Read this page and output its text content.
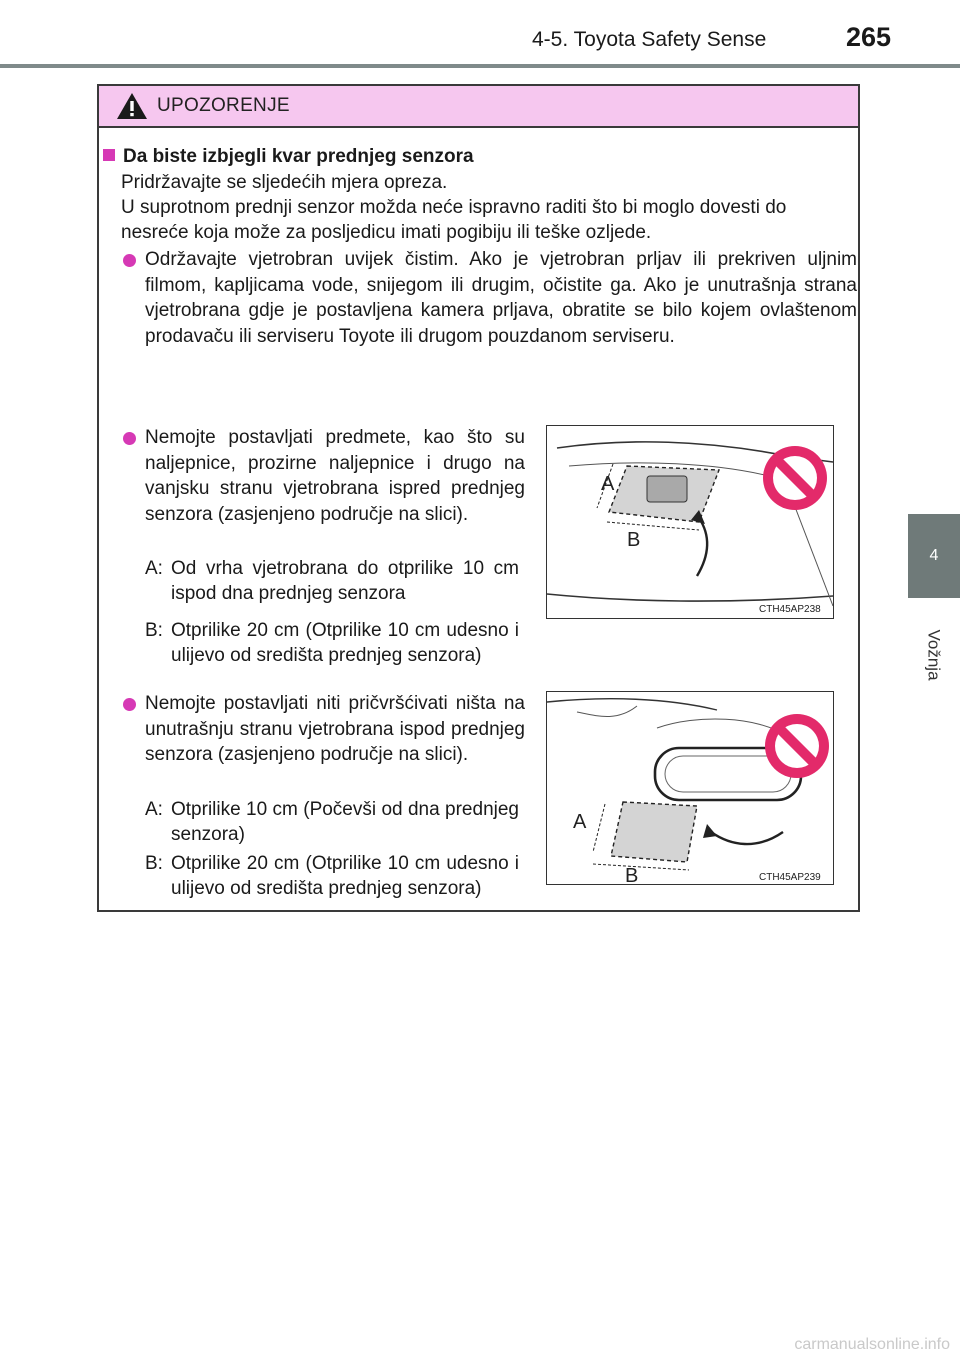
4-5. Toyota Safety Sense	265
4
Vožnja
UPOZORENJE
Da biste izbjegli kvar prednjeg senzora
Pridržavajte se sljedećih mjera opreza.
U suprotnom prednji senzor možda neće ispravno raditi što bi moglo dovesti do nesreće koja može za posljedicu imati pogibiju ili teške ozljede.
Održavajte vjetrobran uvijek čistim. Ako je vjetrobran prljav ili prekriven uljnim filmom, kapljicama vode, snijegom ili drugim, očistite ga. Ako je unutrašnja strana vjetrobrana gdje je postavljena kamera prljava, obratite se bilo kojem ovlaštenom prodavaču ili serviseru Toyote ili drugom pouzdanom serviseru.
Nemojte postavljati predmete, kao što su naljepnice, prozirne naljepnice i drugo na vanjsku stranu vjetrobrana ispred prednjeg senzora (zasjenjeno područje na slici).
A: Od vrha vjetrobrana do otprilike 10 cm ispod dna prednjeg senzora
B: Otprilike 20 cm (Otprilike 10 cm udesno i ulijevo od središta prednjeg senzora)
A
B
CTH45AP238
Nemojte postavljati niti pričvršćivati ništa na unutrašnju stranu vjetrobrana ispod prednjeg senzora (zasjenjeno područje na slici).
A: Otprilike 10 cm (Počevši od dna prednjeg senzora)
B: Otprilike 20 cm (Otprilike 10 cm udesno i ulijevo od središta prednjeg senzora)
A
B	CTH45AP239
carmanualsonline.info
